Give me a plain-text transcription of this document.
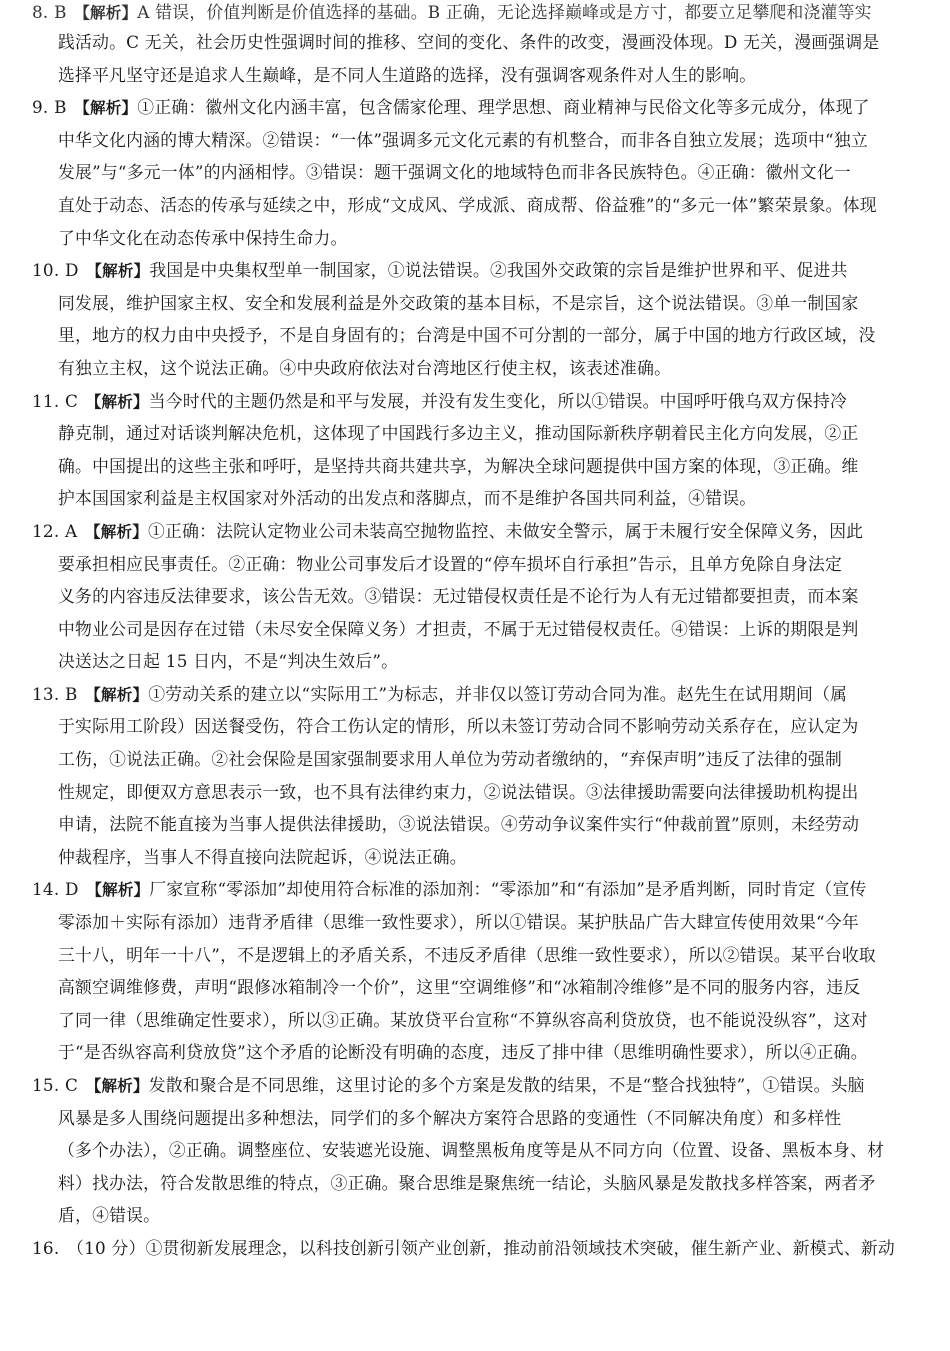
8. B 【解析】A 错误，价值判断是价值选择的基础。B 正确，无论选择巅峰或是方寸，都要立足攀爬和浇灌等实
践活动。C 无关，社会历史性强调时间的推移、空间的变化、条件的改变，漫画没体现。D 无关，漫画强调是
选择平凡坚守还是追求人生巅峰，是不同人生道路的选择，没有强调客观条件对人生的影响。
9. B 【解析】①正确：徽州文化内涵丰富，包含儒家伦理、理学思想、商业精神与民俗文化等多元成分，体现了
中华文化内涵的博大精深。②错误：“一体”强调多元文化元素的有机整合，而非各自独立发展；选项中“独立
发展”与“多元一体”的内涵相悖。③错误：题干强调文化的地域特色而非各民族特色。④正确：徽州文化一
直处于动态、活态的传承与延续之中，形成“文成风、学成派、商成帮、俗益雅”的“多元一体”繁荣景象。体现
了中华文化在动态传承中保持生命力。
10. D 【解析】我国是中央集权型单一制国家，①说法错误。②我国外交政策的宗旨是维护世界和平、促进共
同发展，维护国家主权、安全和发展利益是外交政策的基本目标，不是宗旨，这个说法错误。③单一制国家
里，地方的权力由中央授予，不是自身固有的；台湾是中国不可分割的一部分，属于中国的地方行政区域，没
有独立主权，这个说法正确。④中央政府依法对台湾地区行使主权，该表述准确。
11. C 【解析】当今时代的主题仍然是和平与发展，并没有发生变化，所以①错误。中国呼吁俄乌双方保持冷
静克制，通过对话谈判解决危机，这体现了中国践行多边主义，推动国际新秩序朝着民主化方向发展，②正
确。中国提出的这些主张和呼吁，是坚持共商共建共享，为解决全球问题提供中国方案的体现，③正确。维
护本国国家利益是主权国家对外活动的出发点和落脚点，而不是维护各国共同利益，④错误。
12. A 【解析】①正确：法院认定物业公司未装高空抛物监控、未做安全警示，属于未履行安全保障义务，因此
要承担相应民事责任。②正确：物业公司事发后才设置的“停车损坏自行承担”告示，且单方免除自身法定
义务的内容违反法律要求，该公告无效。③错误：无过错侵权责任是不论行为人有无过错都要担责，而本案
中物业公司是因存在过错（未尽安全保障义务）才担责，不属于无过错侵权责任。④错误：上诉的期限是判
决送达之日起 15 日内，不是“判决生效后”。
13. B 【解析】①劳动关系的建立以“实际用工”为标志，并非仅以签订劳动合同为准。赵先生在试用期间（属
于实际用工阶段）因送餐受伤，符合工伤认定的情形，所以未签订劳动合同不影响劳动关系存在，应认定为
工伤，①说法正确。②社会保险是国家强制要求用人单位为劳动者缴纳的，“弃保声明”违反了法律的强制
性规定，即便双方意思表示一致，也不具有法律约束力，②说法错误。③法律援助需要向法律援助机构提出
申请，法院不能直接为当事人提供法律援助，③说法错误。④劳动争议案件实行“仲裁前置”原则，未经劳动
仲裁程序，当事人不得直接向法院起诉，④说法正确。
14. D 【解析】厂家宣称“零添加”却使用符合标准的添加剂：“零添加”和“有添加”是矛盾判断，同时肯定（宣传
零添加＋实际有添加）违背矛盾律（思维一致性要求），所以①错误。某护肤品广告大肆宣传使用效果“今年
三十八，明年一十八”，不是逻辑上的矛盾关系，不违反矛盾律（思维一致性要求），所以②错误。某平台收取
高额空调维修费，声明“跟修冰箱制冷一个价”，这里“空调维修”和“冰箱制冷维修”是不同的服务内容，违反
了同一律（思维确定性要求），所以③正确。某放贷平台宣称“不算纵容高利贷放贷，也不能说没纵容”，这对
于“是否纵容高利贷放贷”这个矛盾的论断没有明确的态度，违反了排中律（思维明确性要求），所以④正确。
15. C 【解析】发散和聚合是不同思维，这里讨论的多个方案是发散的结果，不是“整合找独特”，①错误。头脑
风暴是多人围绕问题提出多种想法，同学们的多个解决方案符合思路的变通性（不同解决角度）和多样性
（多个办法），②正确。调整座位、安装遮光设施、调整黑板角度等是从不同方向（位置、设备、黑板本身、材
料）找办法，符合发散思维的特点，③正确。聚合思维是聚焦统一结论，头脑风暴是发散找多样答案，两者矛
盾，④错误。
16. （10 分）①贯彻新发展理念，以科技创新引领产业创新，推动前沿领域技术突破，催生新产业、新模式、新动
